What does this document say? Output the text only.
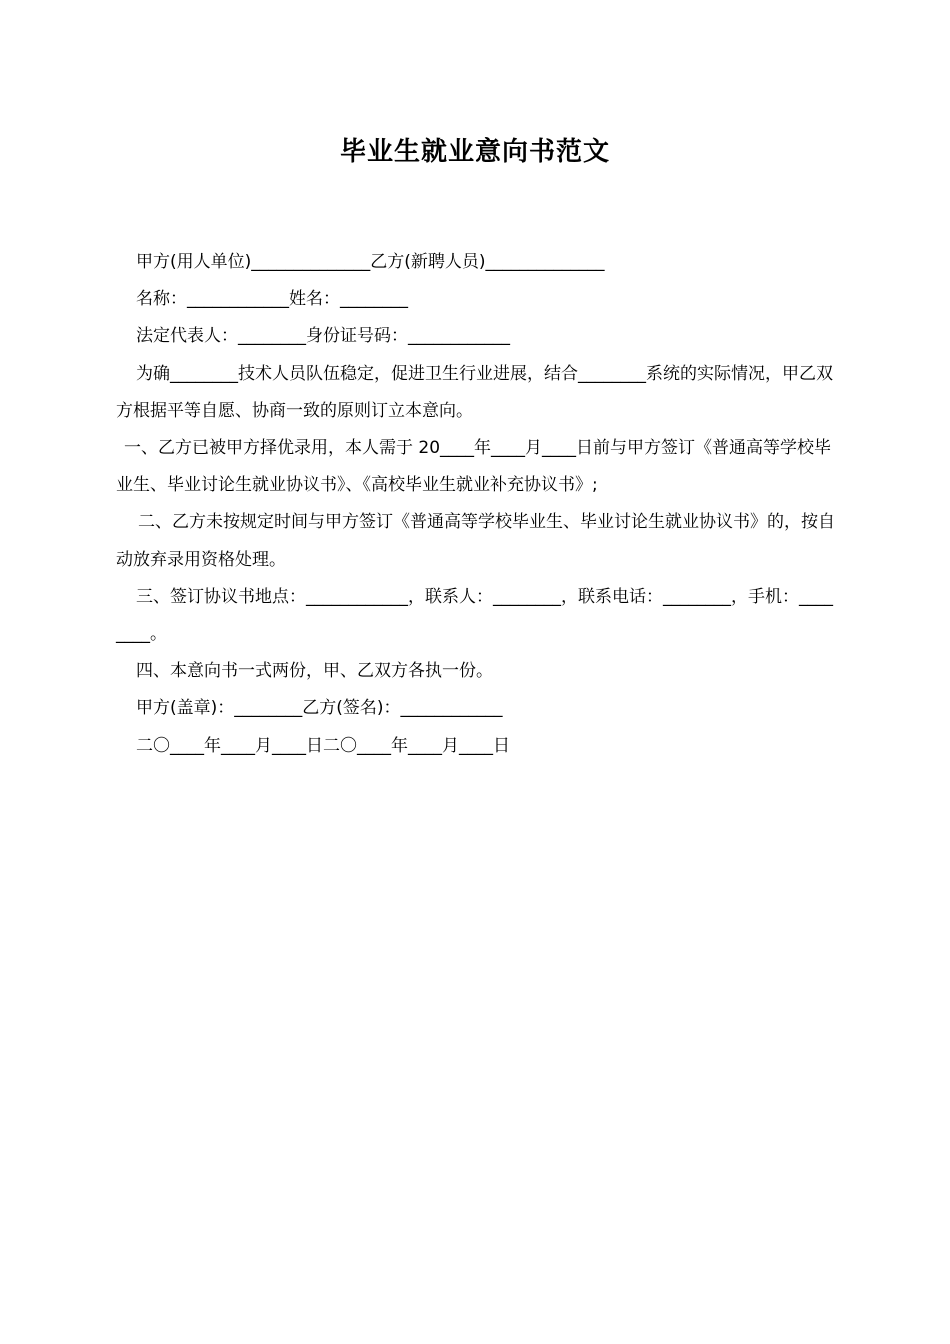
毕业生就业意向书范文

甲方(用人单位)______________乙方(新聘人员)______________

名称：____________姓名：________

法定代表人：________身份证号码：____________

为确________技术人员队伍稳定，促进卫生行业进展，结合________系统的实际情况，甲乙双方根据平等自愿、协商一致的原则订立本意向。

一、乙方已被甲方择优录用，本人需于 20____年____月____日前与甲方签订《普通高等学校毕业生、毕业讨论生就业协议书》、《高校毕业生就业补充协议书》;

二、乙方未按规定时间与甲方签订《普通高等学校毕业生、毕业讨论生就业协议书》的，按自动放弃录用资格处理。

三、签订协议书地点：____________，联系人：________，联系电话：________，手机：________。

四、本意向书一式两份，甲、乙双方各执一份。

甲方(盖章)：________乙方(签名)：____________

二〇____年____月____日二〇____年____月____日
